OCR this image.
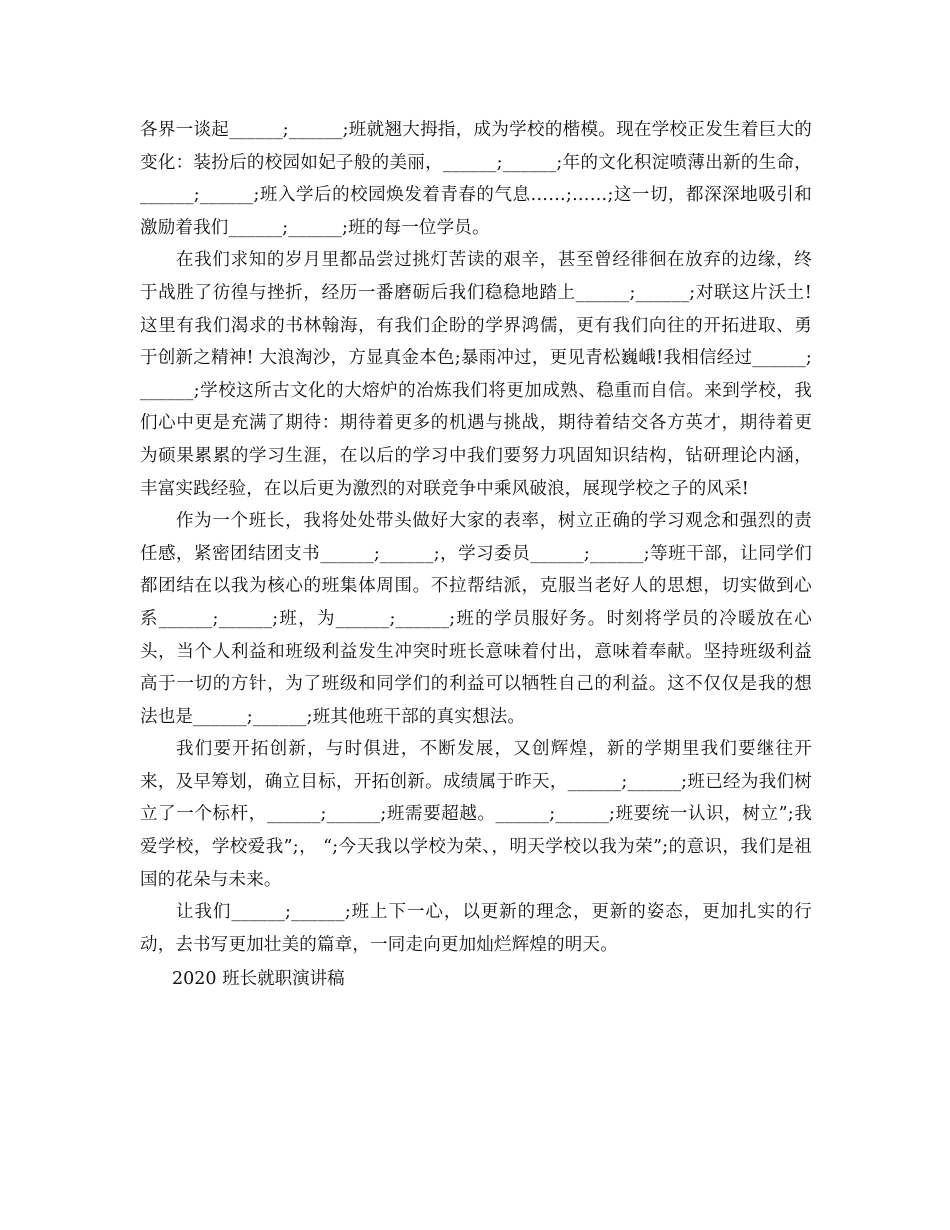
各界一谈起______;______;班就翘大拇指，成为学校的楷模。现在学校正发生着巨大的变化：装扮后的校园如妃子般的美丽，______;______;年的文化积淀喷薄出新的生命，______;______;班入学后的校园焕发着青春的气息……;……;这一切，都深深地吸引和激励着我们______;______;班的每一位学员。

在我们求知的岁月里都品尝过挑灯苦读的艰辛，甚至曾经徘徊在放弃的边缘，终于战胜了彷徨与挫折，经历一番磨砺后我们稳稳地踏上______;______;对联这片沃土!这里有我们渴求的书林翰海，有我们企盼的学界鸿儒，更有我们向往的开拓进取、勇于创新之精神! 大浪淘沙，方显真金本色;暴雨冲过，更见青松巍峨!我相信经过______;______;学校这所古文化的大熔炉的冶炼我们将更加成熟、稳重而自信。来到学校，我们心中更是充满了期待：期待着更多的机遇与挑战，期待着结交各方英才，期待着更为硕果累累的学习生涯，在以后的学习中我们要努力巩固知识结构，钻研理论内涵，丰富实践经验，在以后更为激烈的对联竞争中乘风破浪，展现学校之子的风采!

作为一个班长，我将处处带头做好大家的表率，树立正确的学习观念和强烈的责任感，紧密团结团支书______;______;，学习委员______;______;等班干部，让同学们都团结在以我为核心的班集体周围。不拉帮结派，克服当老好人的思想，切实做到心系______;______;班，为______;______;班的学员服好务。时刻将学员的冷暖放在心头，当个人利益和班级利益发生冲突时班长意味着付出，意味着奉献。坚持班级利益高于一切的方针，为了班级和同学们的利益可以牺牲自己的利益。这不仅仅是我的想法也是______;______;班其他班干部的真实想法。

我们要开拓创新，与时俱进，不断发展，又创辉煌，新的学期里我们要继往开来，及早筹划，确立目标，开拓创新。成绩属于昨天，______;______;班已经为我们树立了一个标杆，______;______;班需要超越。______;______;班要统一认识，树立”;我爱学校，学校爱我”;， “;今天我以学校为荣、，明天学校以我为荣”;的意识，我们是祖国的花朵与未来。

让我们______;______;班上下一心，以更新的理念，更新的姿态，更加扎实的行动，去书写更加壮美的篇章，一同走向更加灿烂辉煌的明天。

2020 班长就职演讲稿
